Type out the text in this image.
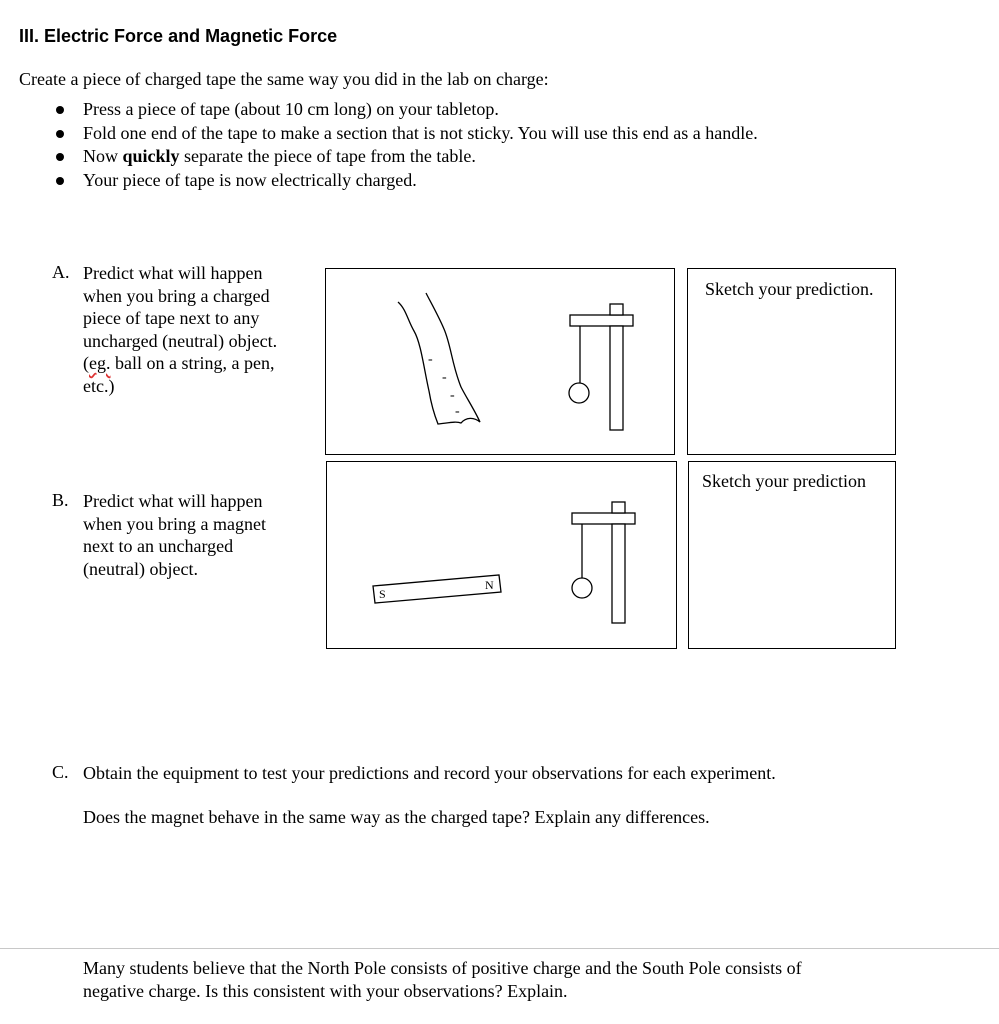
III. Electric Force and Magnetic Force
Create a piece of charged tape the same way you did in the lab on charge:
Press a piece of tape (about 10 cm long) on your tabletop.
Fold one end of the tape to make a section that is not sticky. You will use this end as a handle.
Now quickly separate the piece of tape from the table.
Your piece of tape is now electrically charged.
A. Predict what will happen
when you bring a charged
piece of tape next to any
uncharged (neutral) object.
(eg. ball on a string, a pen,
etc.)
-
-
-
-
Sketch your prediction.
B. Predict what will happen
when you bring a magnet
next to an uncharged
(neutral) object.
S
N
Sketch your prediction
C. Obtain the equipment to test your predictions and record your observations for each experiment.
Does the magnet behave in the same way as the charged tape? Explain any differences.
Many students believe that the North Pole consists of positive charge and the South Pole consists of
negative charge. Is this consistent with your observations? Explain.
